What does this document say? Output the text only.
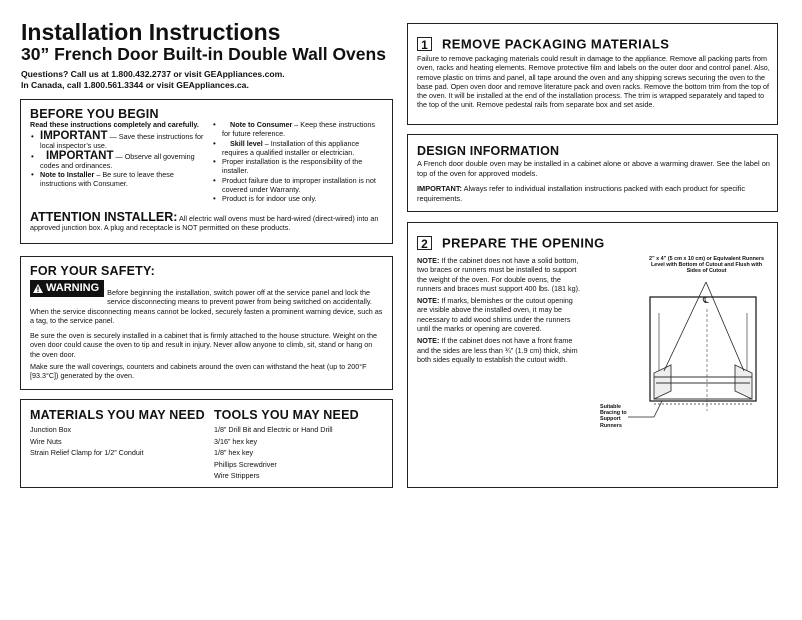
Installation Instructions
30” French Door Built-in Double Wall Ovens
Questions? Call us at 1.800.432.2737 or visit GEAppliances.com.
In Canada, call 1.800.561.3344 or visit GEAppliances.ca.
BEFORE YOU BEGIN
Read these instructions completely and carefully.
• IMPORTANT — Save these instructions for local inspector’s use.
• IMPORTANT — Observe all governing codes and ordinances.
• Note to Installer – Be sure to leave these instructions with Consumer.
• Note to Consumer – Keep these instructions for future reference.
• Skill level – Installation of this appliance requires a qualified installer or electrician.
• Proper installation is the responsibility of the installer.
• Product failure due to improper installation is not covered under Warranty.
• Product is for indoor use only.
ATTENTION INSTALLER: All electric wall ovens must be hard-wired (direct-wired) into an approved junction box. A plug and receptacle is NOT permitted on these products.
FOR YOUR SAFETY:
WARNING Before beginning the installation, switch power off at the service panel and lock the service disconnecting means to prevent power from being switched on accidentally. When the service disconnecting means cannot be locked, securely fasten a prominent warning device, such as a tag, to the service panel.
Be sure the oven is securely installed in a cabinet that is firmly attached to the house structure. Weight on the oven door could cause the oven to tip and result in injury. Never allow anyone to climb, sit, stand or hang on the oven door.
Make sure the wall coverings, counters and cabinets around the oven can withstand the heat (up to 200°F [93.3°C]) generated by the oven.
MATERIALS YOU MAY NEED
Junction Box
Wire Nuts
Strain Relief Clamp for 1/2” Conduit
TOOLS YOU MAY NEED
1/8” Drill Bit and Electric or Hand Drill
3/16” hex key
1/8” hex key
Phillips Screwdriver
Wire Strippers
1 REMOVE PACKAGING MATERIALS
Failure to remove packaging materials could result in damage to the appliance. Remove all packing parts from oven, racks and heating elements. Remove protective film and labels on the outer door and control panel. Also, remove plastic on trims and panel, all tape around the oven and any shipping screws securing the oven to the base pad. Open oven door and remove literature pack and oven racks. Remove the bottom trim from the top of the oven. It will be installed at the end of the installation process. The trim is wrapped separately and taped to the top of the unit. Remove pedestal rails from separate box and set aside.
DESIGN INFORMATION
A French door double oven may be installed in a cabinet alone or above a warming drawer. See the label on top of the oven for approved models.
IMPORTANT: Always refer to individual installation instructions packed with each product for specific requirements.
2 PREPARE THE OPENING
NOTE: If the cabinet does not have a solid bottom, two braces or runners must be installed to support the weight of the oven. For double ovens, the runners and braces must support 400 lbs. (181 kg).
NOTE: If marks, blemishes or the cutout opening are visible above the installed oven, it may be necessary to add wood shims under the runners until the marks or opening are covered.
NOTE: If the cabinet does not have a front frame and the sides are less than ¾” (1.9 cm) thick, shim both sides equally to establish the cutout width.
2” x 4” (5 cm x 10 cm) or Equivalent Runners Level with Bottom of Cutout and Flush with Sides of Cutout
℄
Suitable Bracing to Support Runners
